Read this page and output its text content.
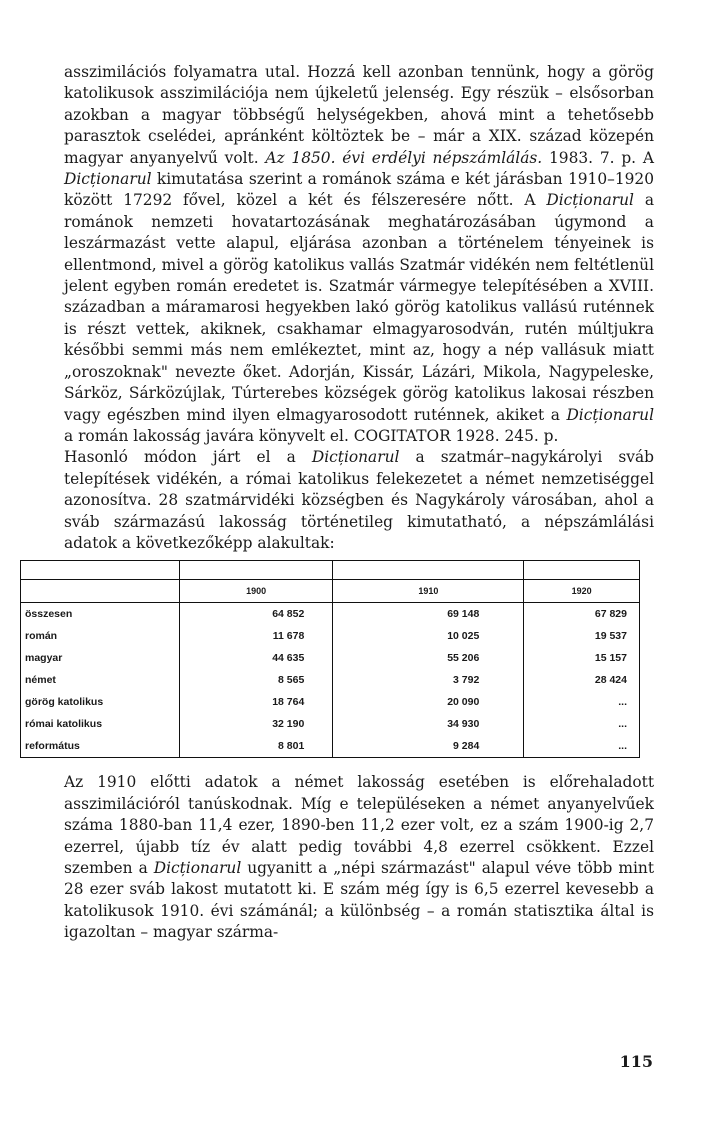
asszimilációs folyamatra utal. Hozzá kell azonban tennünk, hogy a görög katolikusok asszimilációja nem újkeletű jelenség. Egy részük – elsősorban azokban a magyar többségű helységekben, ahová mint a tehetősebb parasztok cselédei, apránként költöztek be – már a XIX. század közepén magyar anyanyelvű volt. Az 1850. évi erdélyi népszámlálás. 1983. 7. p. A Dicționarul kimutatása szerint a románok száma e két járásban 1910–1920 között 17292 fővel, közel a két és félszeresére nőtt. A Dicționarul a románok nemzeti hovatartozásának meghatározásában úgymond a leszármazást vette alapul, eljárása azonban a történelem tényeinek is ellentmond, mivel a görög katolikus vallás Szatmár vidékén nem feltétlenül jelent egyben román eredetet is. Szatmár vármegye telepítésében a XVIII. században a máramarosi hegyekben lakó görög katolikus vallású ruténnek is részt vettek, akiknek, csakhamar elmagyarosodván, rutén múltjukra későbbi semmi más nem emlékeztet, mint az, hogy a nép vallásuk miatt „oroszoknak" nevezte őket. Adorján, Kissár, Lázári, Mikola, Nagypeleske, Sárköz, Sárközújlak, Túrterebes községek görög katolikus lakosai részben vagy egészben mind ilyen elmagyarosodott ruténnek, akiket a Dicționarul a román lakosság javára könyvelt el. COGITATOR 1928. 245. p.

Hasonló módon járt el a Dicționarul a szatmár–nagykárolyi sváb telepítések vidékén, a római katolikus felekezetet a német nemzetiséggel azonosítva. 28 szatmárvidéki községben és Nagykároly városában, ahol a sváb származású lakosság történetileg kimutatható, a népszámlálási adatok a következőképp alakultak:

	1900	1910	1920
összesen	64 852	69 148	67 829
román	11 678	10 025	19 537
magyar	44 635	55 206	15 157
német	8 565	3 792	28 424
görög katolikus	18 764	20 090	...
római katolikus	32 190	34 930	...
református	8 801	9 284	...

Az 1910 előtti adatok a német lakosság esetében is előrehaladott asszimilációról tanúskodnak. Míg e településeken a német anyanyelvűek száma 1880-ban 11,4 ezer, 1890-ben 11,2 ezer volt, ez a szám 1900-ig 2,7 ezerrel, újabb tíz év alatt pedig további 4,8 ezerrel csökkent. Ezzel szemben a Dicționarul ugyanitt a „népi származást" alapul véve több mint 28 ezer sváb lakost mutatott ki. E szám még így is 6,5 ezerrel kevesebb a katolikusok 1910. évi számánál; a különbség – a román statisztika által is igazoltan – magyar szárma-

115
